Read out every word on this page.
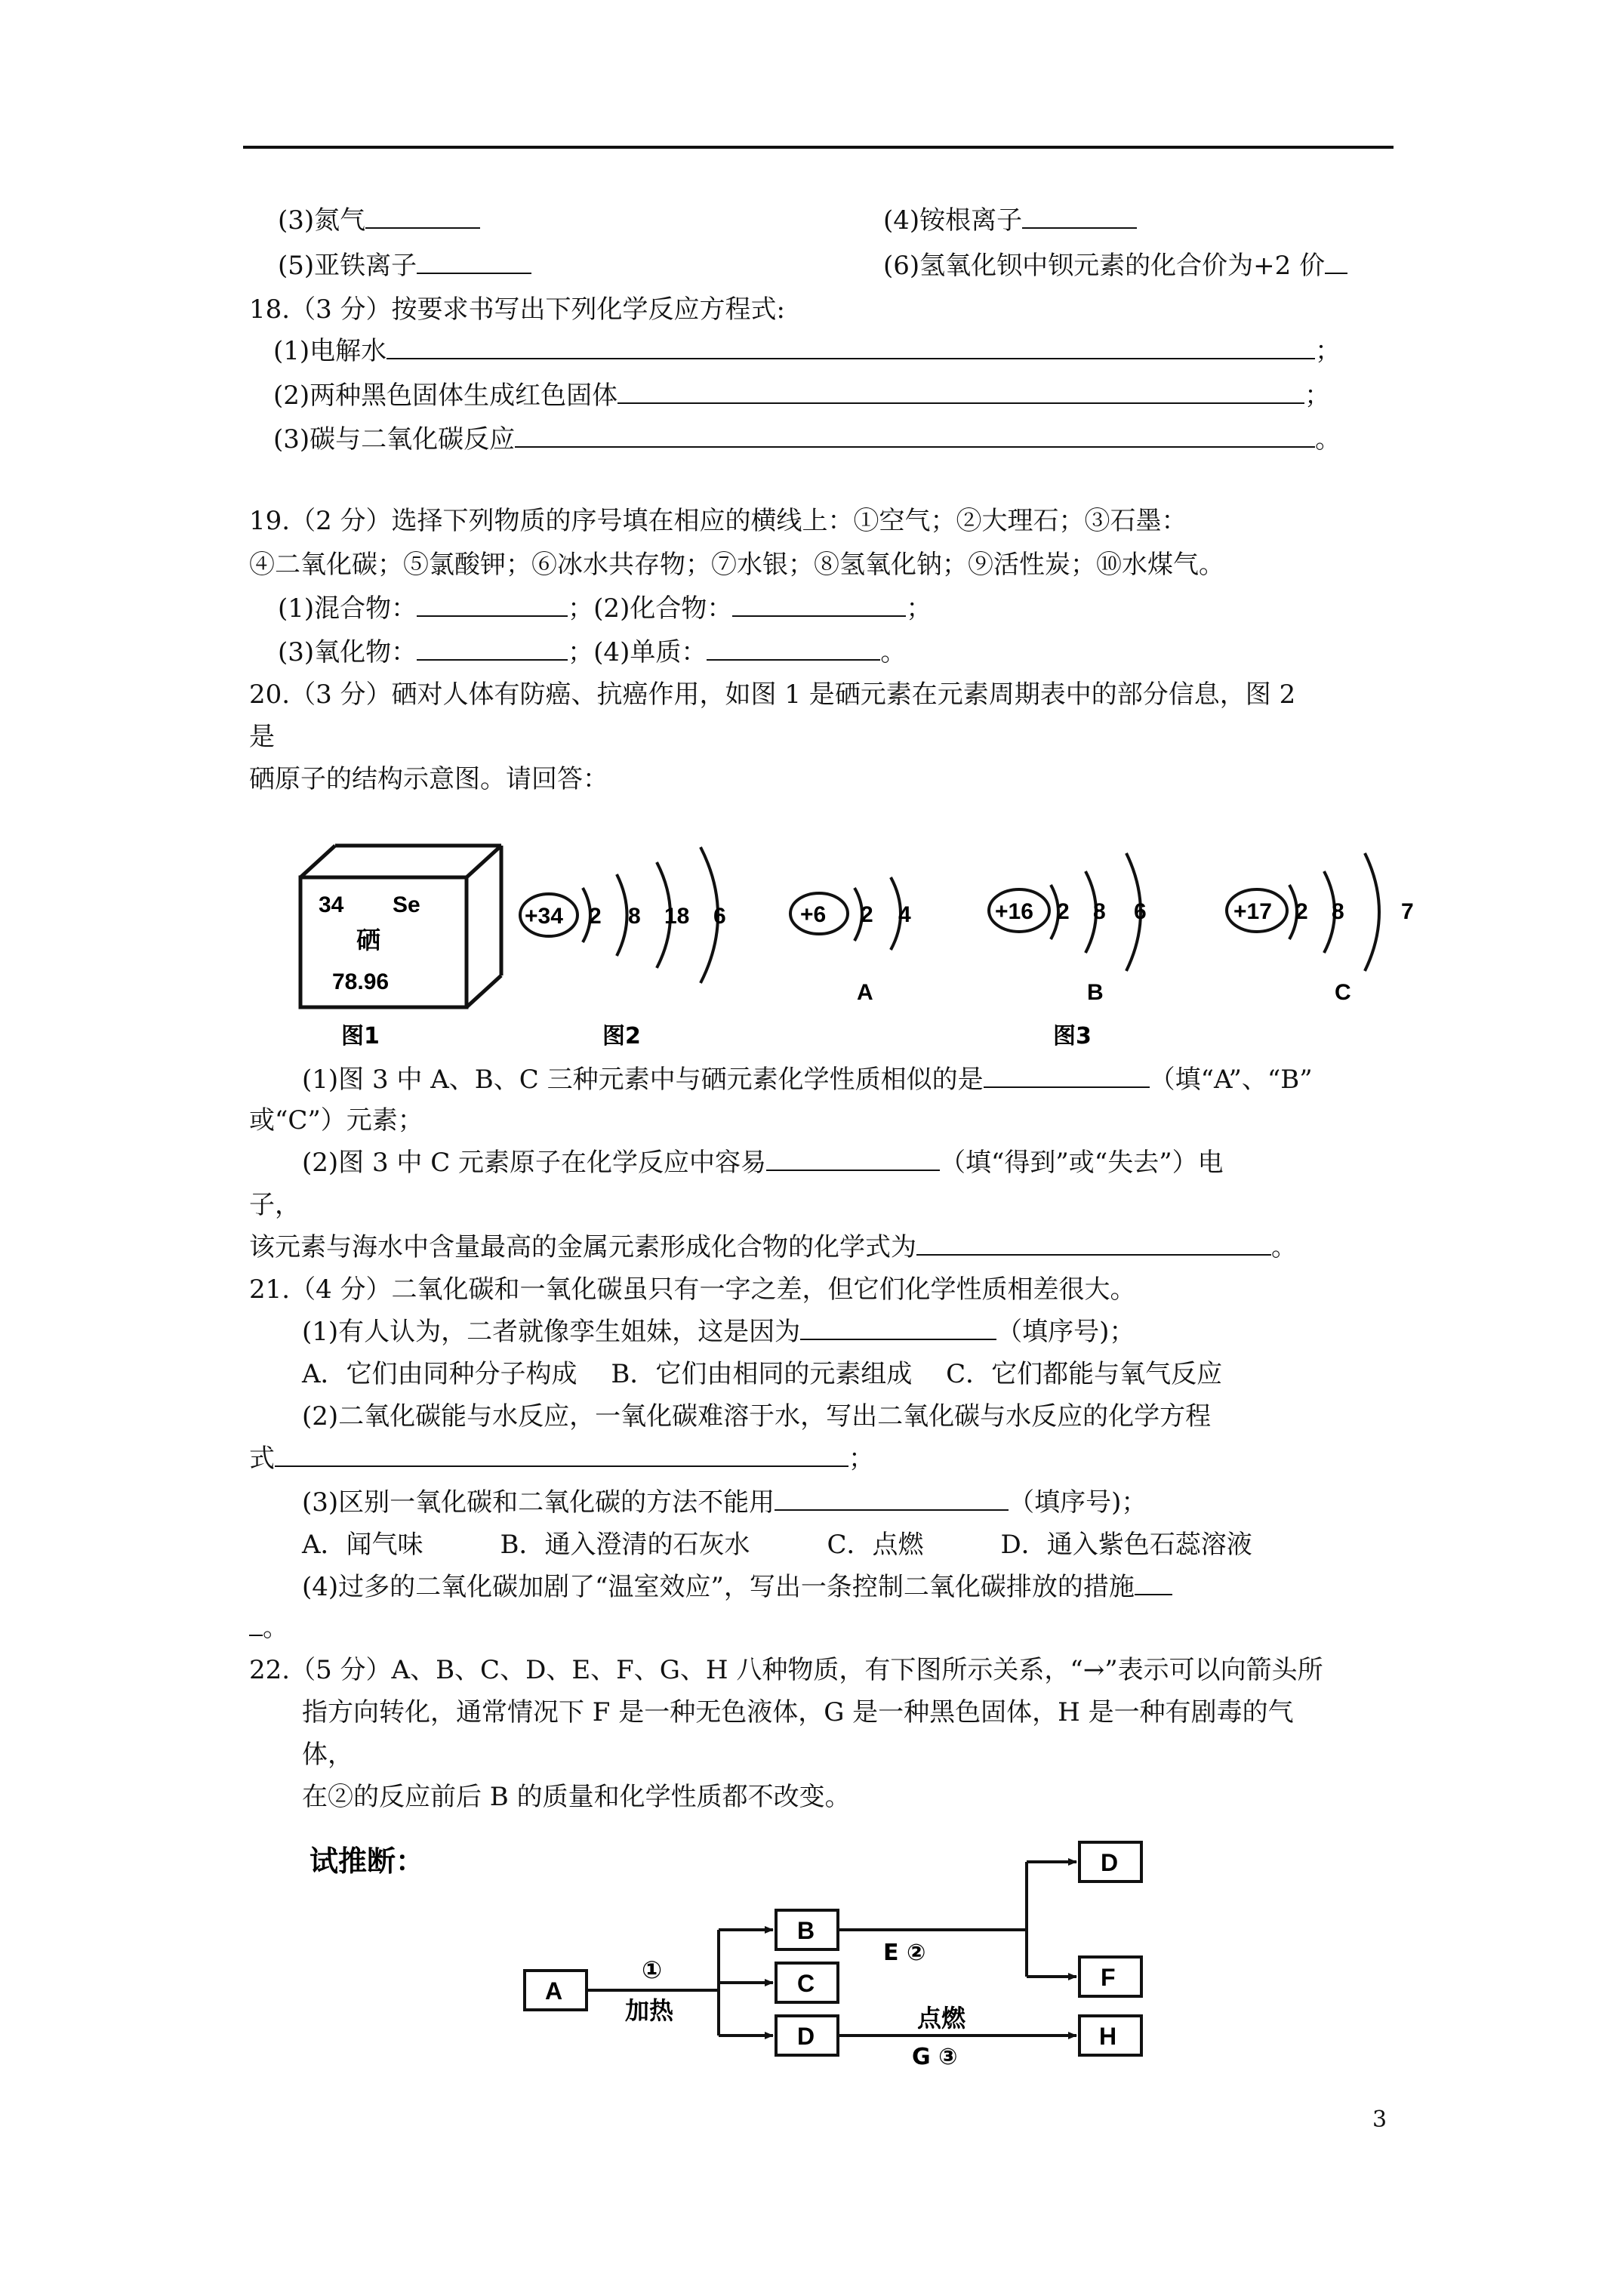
(3)氮气	(4)铵根离子
(5)亚铁离子	(6)氢氧化钡中钡元素的化合价为+2 价
18.（3 分）按要求书写出下列化学反应方程式:
(1)电解水	；
(2)两种黑色固体生成红色固体	；
(3)碳与二氧化碳反应	。
19.（2 分）选择下列物质的序号填在相应的横线上：①空气；②大理石；③石墨：
④二氧化碳；⑤氯酸钾；⑥冰水共存物；⑦水银；⑧氢氧化钠；⑨活性炭；⑩水煤气。
(1)混合物：	；(2)化合物：	；
(3)氧化物：	；(4)单质：	。
20.（3 分）硒对人体有防癌、抗癌作用，如图 1 是硒元素在元素周期表中的部分信息，图 2
是
硒原子的结构示意图。请回答：
34 Se
硒
78.96
+34 2 8 18 6	+6 2 4
A
+16 2 8 6
B
+17 2 8	7
C
图1	图2	图3
(1)图 3 中 A、B、C 三种元素中与硒元素化学性质相似的是	（填“A”、“B”
或“C”）元素；
(2)图 3 中 C 元素原子在化学反应中容易	（填“得到”或“失去”）电
子，
该元素与海水中含量最高的金属元素形成化合物的化学式为	。
21.（4 分）二氧化碳和一氧化碳虽只有一字之差，但它们化学性质相差很大。
(1)有人认为，二者就像孪生姐妹，这是因为	（填序号)；
A．它们由同种分子构成　 B．它们由相同的元素组成　 C．它们都能与氧气反应
(2)二氧化碳能与水反应，一氧化碳难溶于水，写出二氧化碳与水反应的化学方程
式	；
(3)区别一氧化碳和二氧化碳的方法不能用	（填序号)；
A．闻气味　　　B．通入澄清的石灰水　　　C．点燃　　　D．通入紫色石蕊溶液
(4)过多的二氧化碳加剧了“温室效应”，写出一条控制二氧化碳排放的措施
。
22.（5 分）A、B、C、D、E、F、G、H 八种物质，有下图所示关系，“→”表示可以向箭头所
指方向转化，通常情况下 F 是一种无色液体，G 是一种黑色固体，H 是一种有剧毒的气
体，
在②的反应前后 B 的质量和化学性质都不改变。
试推断：
A
B
C
D
D
F
H
①
加热
E ②
点燃
G ③
3
